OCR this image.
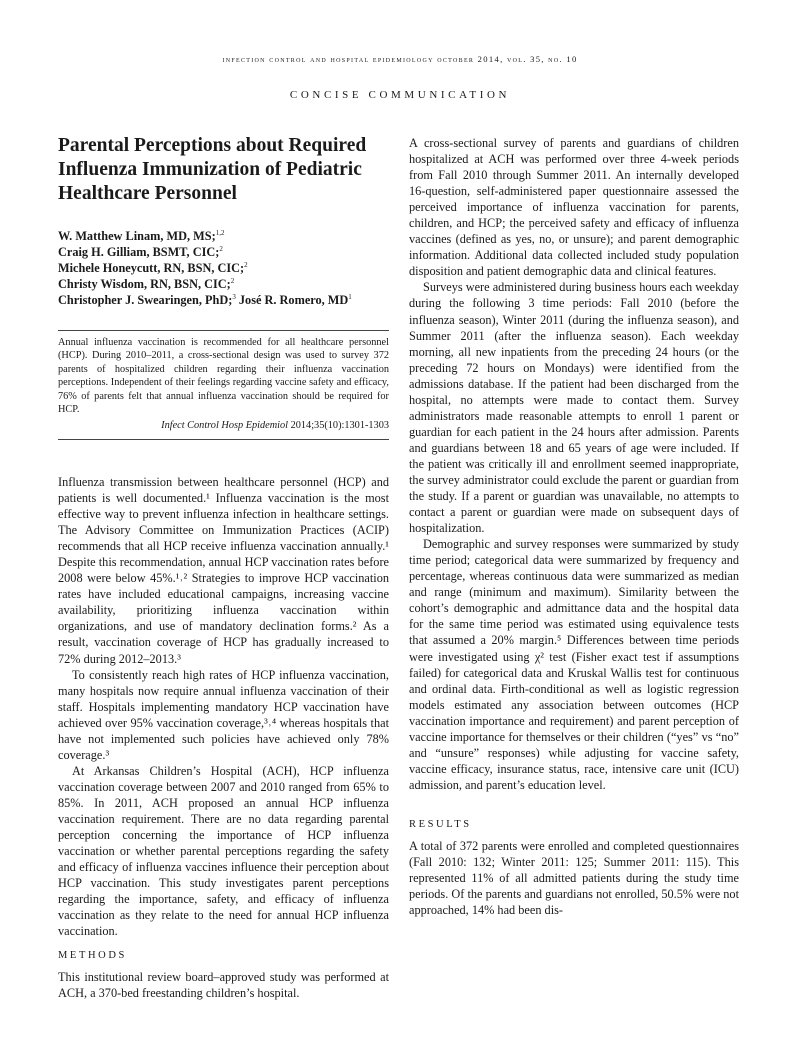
infection control and hospital epidemiology october 2014, vol. 35, no. 10
CONCISE COMMUNICATION
Parental Perceptions about Required Influenza Immunization of Pediatric Healthcare Personnel
W. Matthew Linam, MD, MS;$^{1,2}$
Craig H. Gilliam, BSMT, CIC;$^2$
Michele Honeycutt, RN, BSN, CIC;$^2$
Christy Wisdom, RN, BSN, CIC;$^2$
Christopher J. Swearingen, PhD;$^3$ José R. Romero, $MD^1$
Annual influenza vaccination is recommended for all healthcare personnel (HCP). During 2010–2011, a cross-sectional design was used to survey 372 parents of hospitalized children regarding their influenza vaccination perceptions. Independent of their feelings regarding vaccine safety and efficacy, 76% of parents felt that annual influenza vaccination should be required for HCP.
Infect Control Hosp Epidemiol 2014;35(10):1301-1303

Influenza transmission between healthcare personnel (HCP) and patients is well documented.¹ Influenza vaccination is the most effective way to prevent influenza infection in healthcare settings. The Advisory Committee on Immunization Practices (ACIP) recommends that all HCP receive influenza vaccination annually.¹ Despite this recommendation, annual HCP vaccination rates before 2008 were below 45%.¹˒² Strategies to improve HCP vaccination rates have included educational campaigns, increasing vaccine availability, prioritizing influenza vaccination within organizations, and use of mandatory declination forms.² As a result, vaccination coverage of HCP has gradually increased to 72% during 2012–2013.³

To consistently reach high rates of HCP influenza vaccination, many hospitals now require annual influenza vaccination of their staff. Hospitals implementing mandatory HCP vaccination have achieved over 95% vaccination coverage,³˒⁴ whereas hospitals that have not implemented such policies have achieved only 78% coverage.³

At Arkansas Children’s Hospital (ACH), HCP influenza vaccination coverage between 2007 and 2010 ranged from 65% to 85%. In 2011, ACH proposed an annual HCP influenza vaccination requirement. There are no data regarding parental perception concerning the importance of HCP influenza vaccination or whether parental perceptions regarding the safety and efficacy of influenza vaccines influence their perception about HCP vaccination. This study investigates parent perceptions regarding the importance, safety, and efficacy of influenza vaccination as they relate to the need for annual HCP influenza vaccination.

METHODS

This institutional review board–approved study was performed at ACH, a 370-bed freestanding children’s hospital.

A cross-sectional survey of parents and guardians of children hospitalized at ACH was performed over three 4-week periods from Fall 2010 through Summer 2011. An internally developed 16-question, self-administered paper questionnaire assessed the perceived importance of influenza vaccination for parents, children, and HCP; the perceived safety and efficacy of influenza vaccines (defined as yes, no, or unsure); and parent demographic information. Additional data collected included study population disposition and patient demographic data and clinical features.

Surveys were administered during business hours each weekday during the following 3 time periods: Fall 2010 (before the influenza season), Winter 2011 (during the influenza season), and Summer 2011 (after the influenza season). Each weekday morning, all new inpatients from the preceding 24 hours (or the preceding 72 hours on Mondays) were identified from the admissions database. If the patient had been discharged from the hospital, no attempts were made to contact them. Survey administrators made reasonable attempts to enroll 1 parent or guardian for each patient in the 24 hours after admission. Parents and guardians between 18 and 65 years of age were included. If the patient was critically ill and enrollment seemed inappropriate, the survey administrator could exclude the parent or guardian from the study. If a parent or guardian was unavailable, no attempts to contact a parent or guardian were made on subsequent days of hospitalization.

Demographic and survey responses were summarized by study time period; categorical data were summarized by frequency and percentage, whereas continuous data were summarized as median and range (minimum and maximum). Similarity between the cohort’s demographic and admittance data and the hospital data for the same time period was estimated using equivalence tests that assumed a 20% margin.⁵ Differences between time periods were investigated using χ² test (Fisher exact test if assumptions failed) for categorical data and Kruskal Wallis test for continuous and ordinal data. Firth-conditional as well as logistic regression models estimated any association between outcomes (HCP vaccination importance and requirement) and parent perception of vaccine importance for themselves or their children (“yes” vs “no” and “unsure” responses) while adjusting for vaccine safety, vaccine efficacy, insurance status, race, intensive care unit (ICU) admission, and parent’s education level.

RESULTS

A total of 372 parents were enrolled and completed questionnaires (Fall 2010: 132; Winter 2011: 125; Summer 2011: 115). This represented 11% of all admitted patients during the study time periods. Of the parents and guardians not enrolled, 50.5% were not approached, 14% had been dis-
